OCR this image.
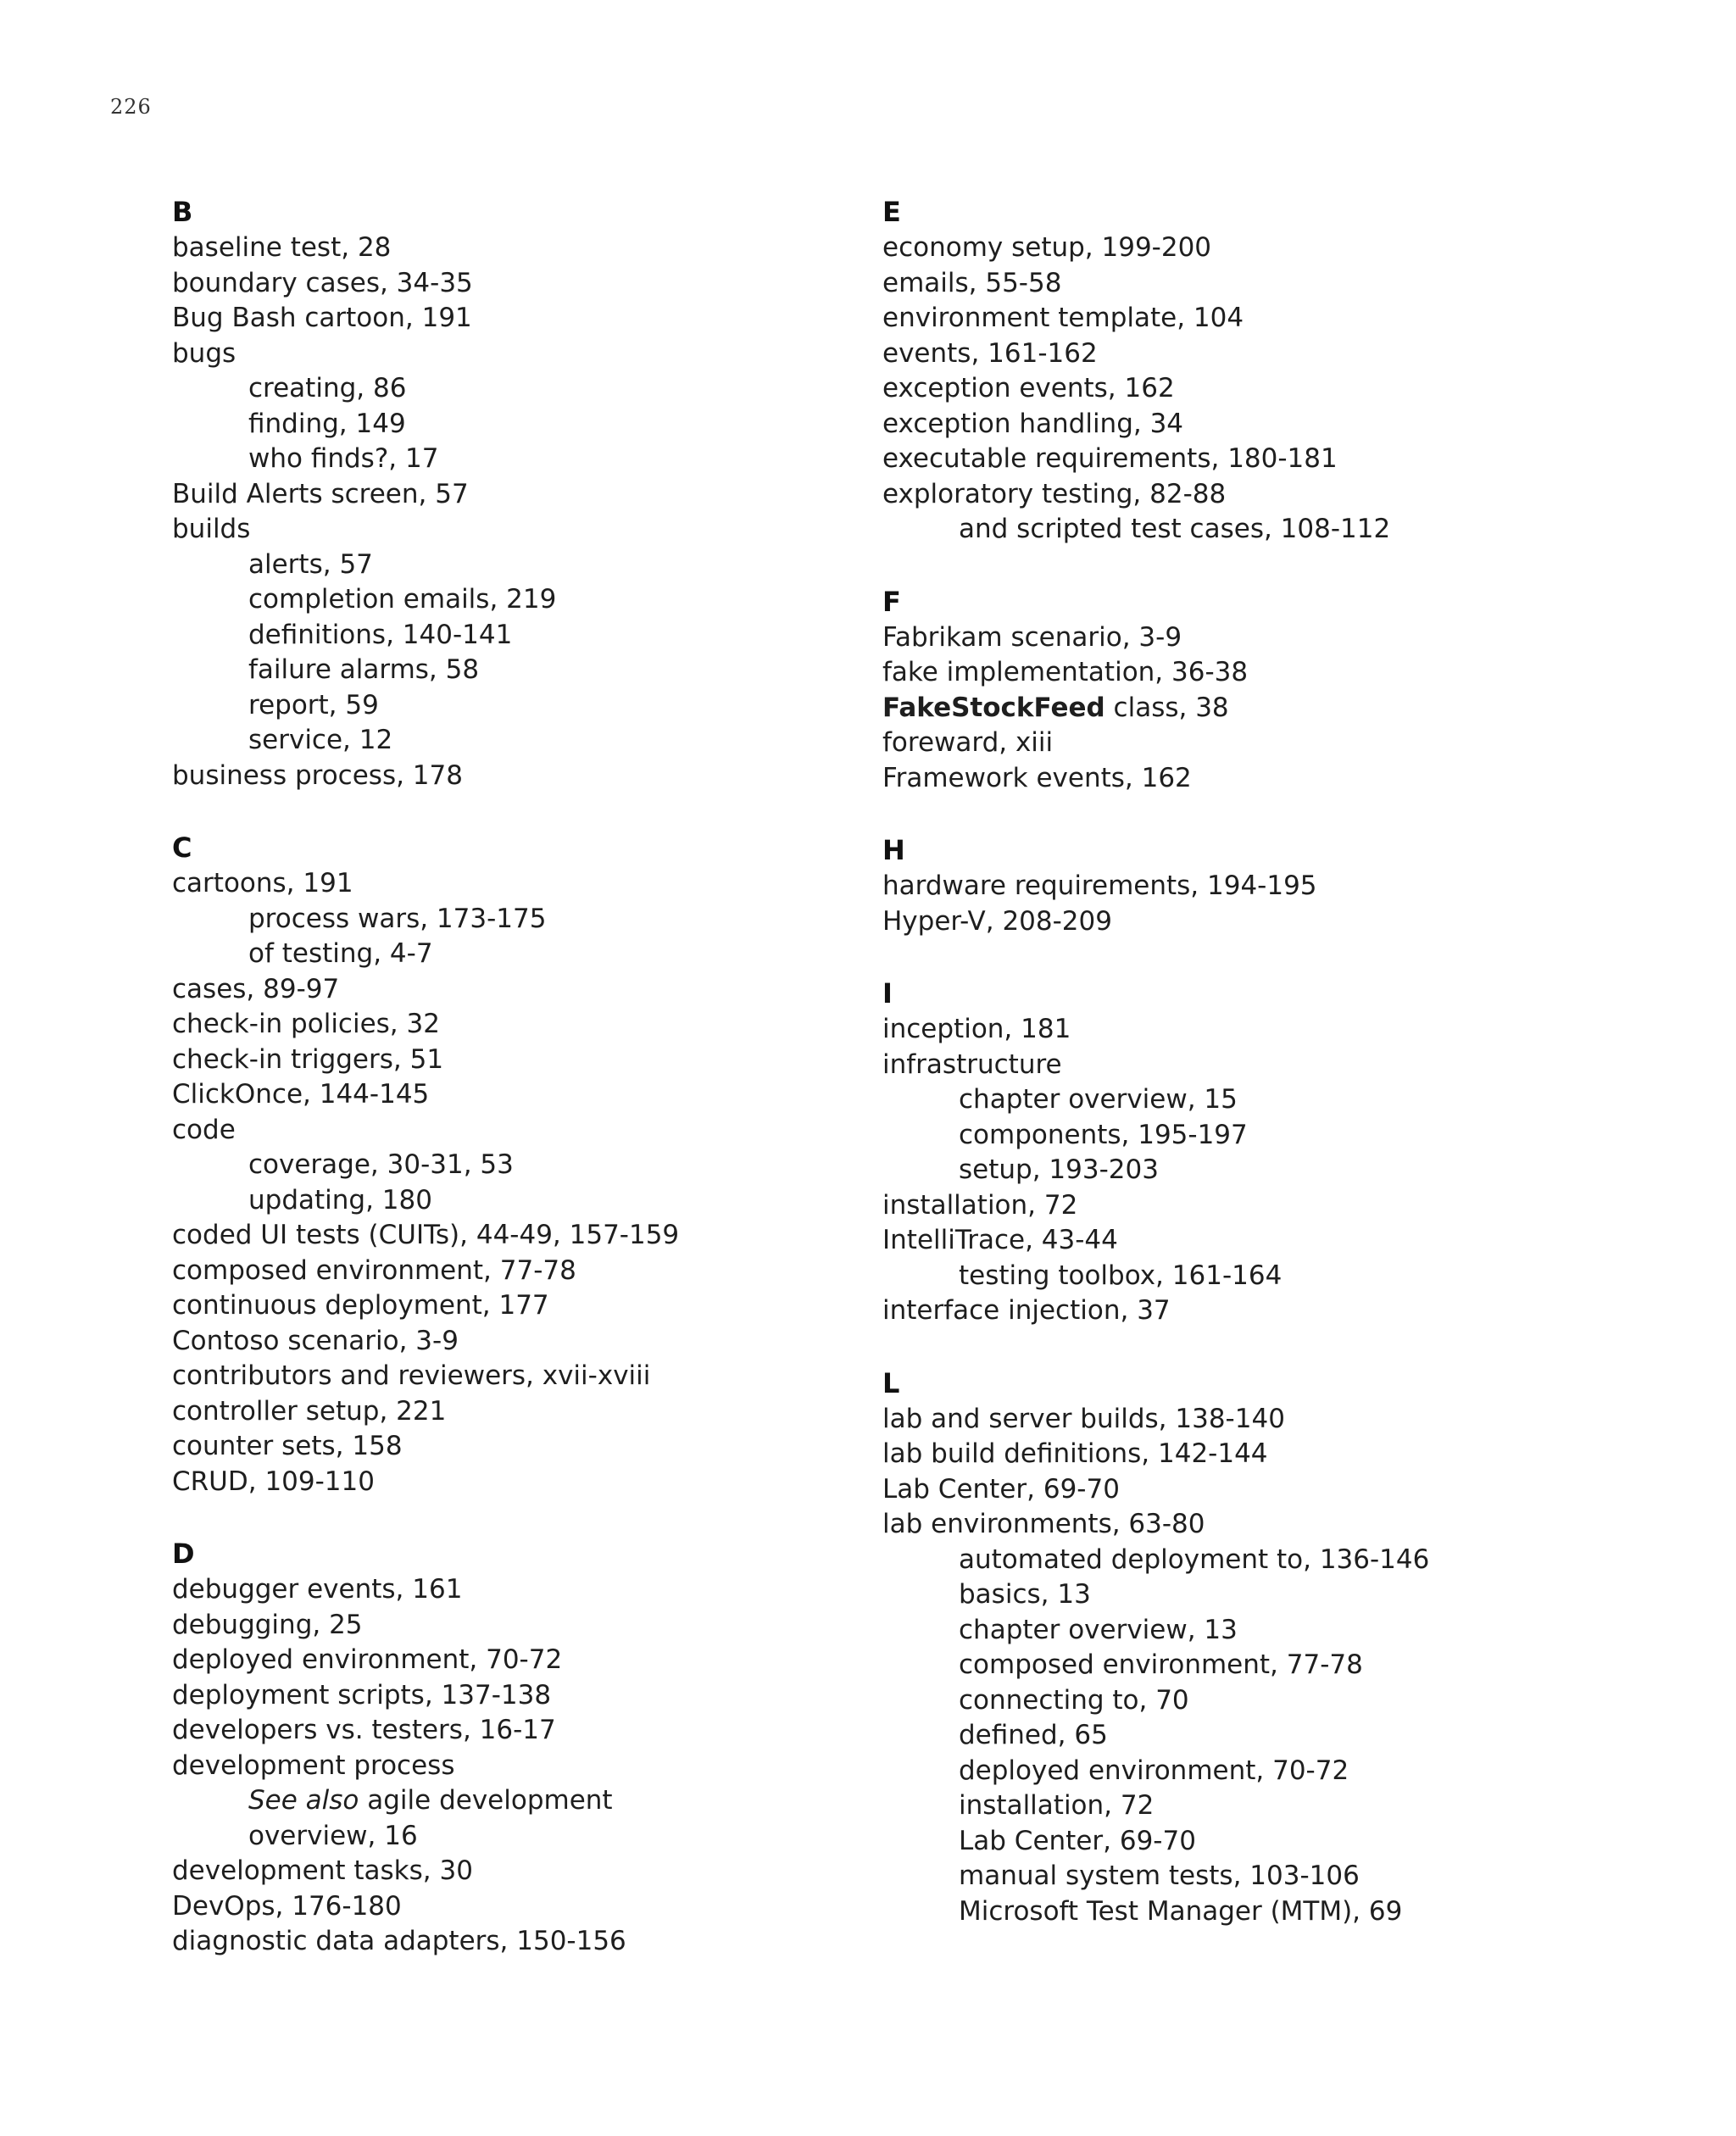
226
B
baseline test, 28
boundary cases, 34-35
Bug Bash cartoon, 191
bugs
creating, 86
finding, 149
who finds?, 17
Build Alerts screen, 57
builds
alerts, 57
completion emails, 219
definitions, 140-141
failure alarms, 58
report, 59
service, 12
business process, 178
C
cartoons, 191
process wars, 173-175
of testing, 4-7
cases, 89-97
check-in policies, 32
check-in triggers, 51
ClickOnce, 144-145
code
coverage, 30-31, 53
updating, 180
coded UI tests (CUITs), 44-49, 157-159
composed environment, 77-78
continuous deployment, 177
Contoso scenario, 3-9
contributors and reviewers, xvii-xviii
controller setup, 221
counter sets, 158
CRUD, 109-110
D
debugger events, 161
debugging, 25
deployed environment, 70-72
deployment scripts, 137-138
developers vs. testers, 16-17
development process
See also agile development
overview, 16
development tasks, 30
DevOps, 176-180
diagnostic data adapters, 150-156
E
economy setup, 199-200
emails, 55-58
environment template, 104
events, 161-162
exception events, 162
exception handling, 34
executable requirements, 180-181
exploratory testing, 82-88
and scripted test cases, 108-112
F
Fabrikam scenario, 3-9
fake implementation, 36-38
FakeStockFeed class, 38
foreward, xiii
Framework events, 162
H
hardware requirements, 194-195
Hyper-V, 208-209
I
inception, 181
infrastructure
chapter overview, 15
components, 195-197
setup, 193-203
installation, 72
IntelliTrace, 43-44
testing toolbox, 161-164
interface injection, 37
L
lab and server builds, 138-140
lab build definitions, 142-144
Lab Center, 69-70
lab environments, 63-80
automated deployment to, 136-146
basics, 13
chapter overview, 13
composed environment, 77-78
connecting to, 70
defined, 65
deployed environment, 70-72
installation, 72
Lab Center, 69-70
manual system tests, 103-106
Microsoft Test Manager (MTM), 69
